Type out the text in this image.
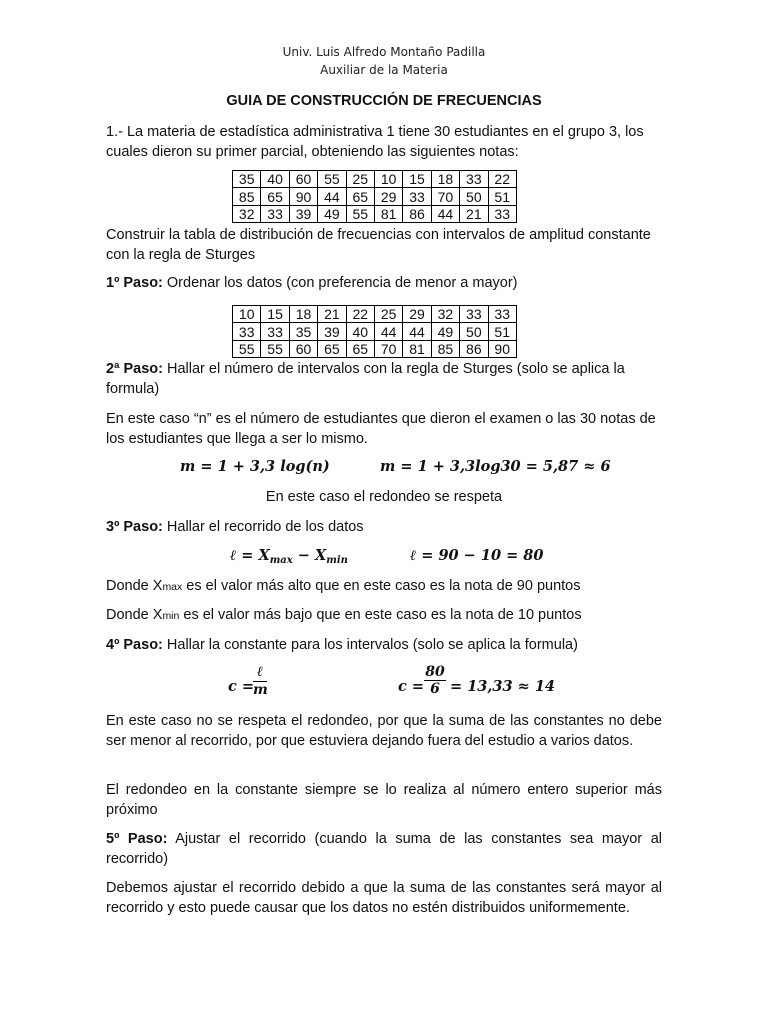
Univ. Luis Alfredo Montaño Padilla
Auxiliar de la Materia
GUIA DE CONSTRUCCIÓN DE FRECUENCIAS

1.- La materia de estadística administrativa 1 tiene 30 estudiantes en el grupo 3, los cuales dieron su primer parcial, obteniendo las siguientes notas:

35	40	60	55	25	10	15	18	33	22
85	65	90	44	65	29	33	70	50	51
32	33	39	49	55	81	86	44	21	33

Construir la tabla de distribución de frecuencias con intervalos de amplitud constante con la regla de Sturges

1º Paso: Ordenar los datos (con preferencia de menor a mayor)

10	15	18	21	22	25	29	32	33	33
33	33	35	39	40	44	44	49	50	51
55	55	60	65	65	70	81	85	86	90

2ª Paso: Hallar el número de intervalos con la regla de Sturges (solo se aplica la formula)

En este caso “n” es el número de estudiantes que dieron el examen o las 30 notas de los estudiantes que llega a ser lo mismo.

m = 1 + 3,3 log(n)	m = 1 + 3,3log30 = 5,87 ≈ 6

En este caso el redondeo se respeta

3º Paso: Hallar el recorrido de los datos

ℓ = $X_{max} - X_{min}$	ℓ = 90 − 10 = 80

Donde Xmax es el valor más alto que en este caso es la nota de 90 puntos

Donde Xmin es el valor más bajo que en este caso es la nota de 10 puntos

4º Paso: Hallar la constante para los intervalos (solo se aplica la formula)

c =
ℓ
m	$c = \frac{80}{6} = 13,33 \approx 14$

En este caso no se respeta el redondeo, por que la suma de las constantes no debe ser menor al recorrido, por que estuviera dejando fuera del estudio a varios datos.

El redondeo en la constante siempre se lo realiza al número entero superior más próximo

5º Paso: Ajustar el recorrido (cuando la suma de las constantes sea mayor al recorrido)

Debemos ajustar el recorrido debido a que la suma de las constantes será mayor al recorrido y esto puede causar que los datos no estén distribuidos uniformemente.
